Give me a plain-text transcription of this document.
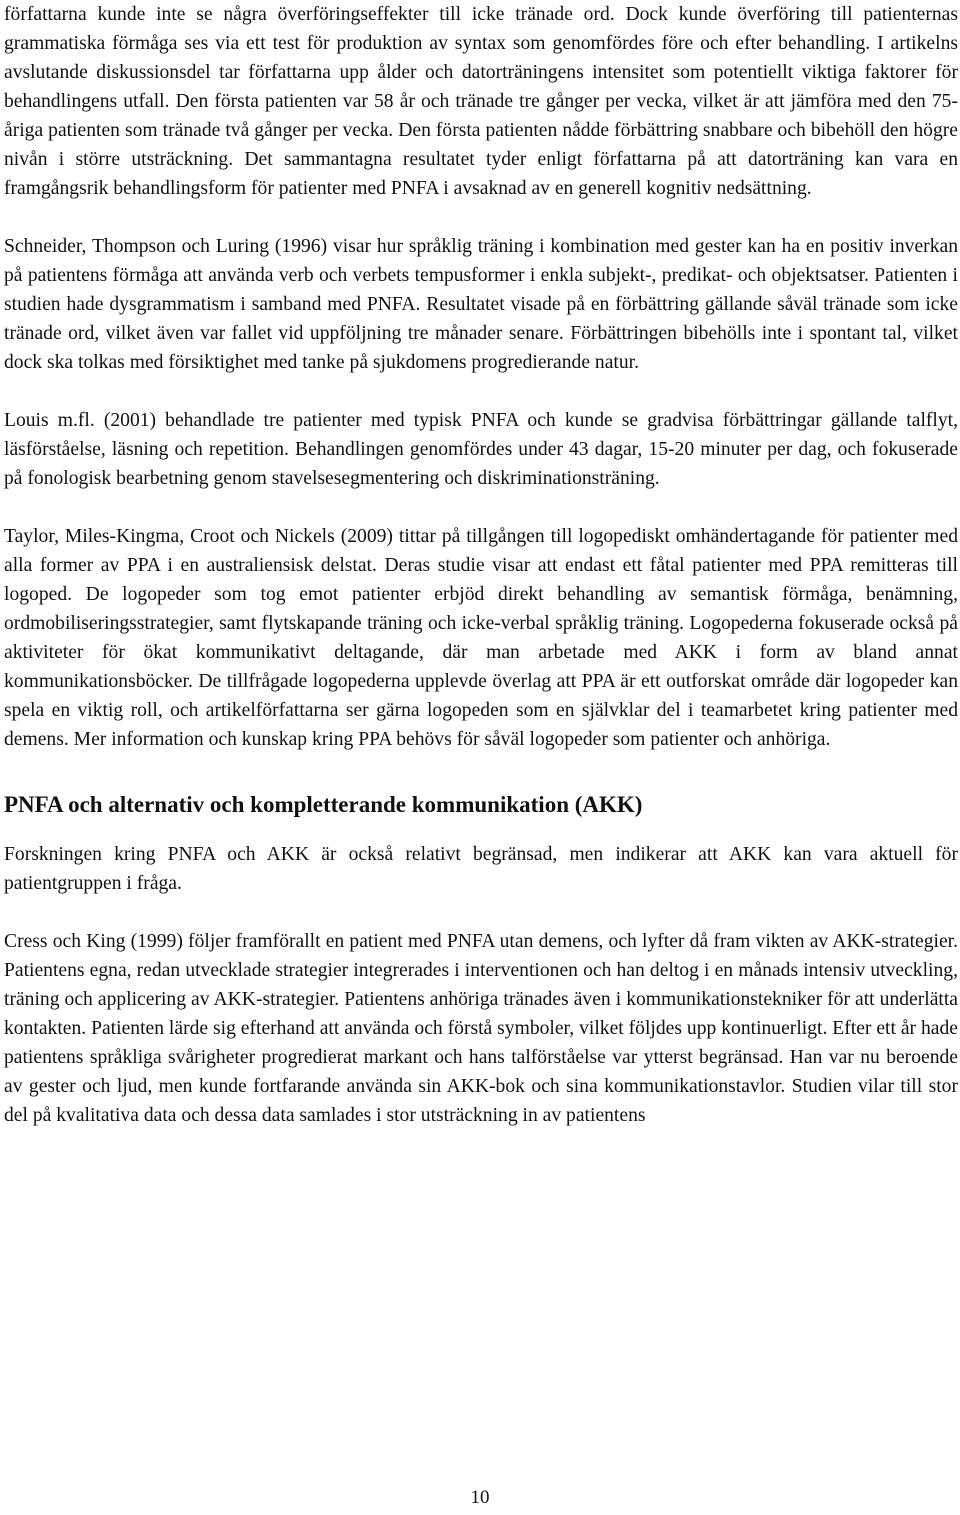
författarna kunde inte se några överföringseffekter till icke tränade ord. Dock kunde överföring till patienternas grammatiska förmåga ses via ett test för produktion av syntax som genomfördes före och efter behandling. I artikelns avslutande diskussionsdel tar författarna upp ålder och datorträningens intensitet som potentiellt viktiga faktorer för behandlingens utfall. Den första patienten var 58 år och tränade tre gånger per vecka, vilket är att jämföra med den 75-åriga patienten som tränade två gånger per vecka. Den första patienten nådde förbättring snabbare och bibehöll den högre nivån i större utsträckning. Det sammantagna resultatet tyder enligt författarna på att datorträning kan vara en framgångsrik behandlingsform för patienter med PNFA i avsaknad av en generell kognitiv nedsättning.

Schneider, Thompson och Luring (1996) visar hur språklig träning i kombination med gester kan ha en positiv inverkan på patientens förmåga att använda verb och verbets tempusformer i enkla subjekt-, predikat- och objektsatser. Patienten i studien hade dysgrammatism i samband med PNFA. Resultatet visade på en förbättring gällande såväl tränade som icke tränade ord, vilket även var fallet vid uppföljning tre månader senare. Förbättringen bibehölls inte i spontant tal, vilket dock ska tolkas med försiktighet med tanke på sjukdomens progredierande natur.

Louis m.fl. (2001) behandlade tre patienter med typisk PNFA och kunde se gradvisa förbättringar gällande talflyt, läsförståelse, läsning och repetition. Behandlingen genomfördes under 43 dagar, 15-20 minuter per dag, och fokuserade på fonologisk bearbetning genom stavelsesegmentering och diskriminationsträning.

Taylor, Miles-Kingma, Croot och Nickels (2009) tittar på tillgången till logopediskt omhändertagande för patienter med alla former av PPA i en australiensisk delstat. Deras studie visar att endast ett fåtal patienter med PPA remitteras till logoped. De logopeder som tog emot patienter erbjöd direkt behandling av semantisk förmåga, benämning, ordmobiliseringsstrategier, samt flytskapande träning och icke-verbal språklig träning. Logopederna fokuserade också på aktiviteter för ökat kommunikativt deltagande, där man arbetade med AKK i form av bland annat kommunikationsböcker. De tillfrågade logopederna upplevde överlag att PPA är ett outforskat område där logopeder kan spela en viktig roll, och artikelförfattarna ser gärna logopeden som en självklar del i teamarbetet kring patienter med demens. Mer information och kunskap kring PPA behövs för såväl logopeder som patienter och anhöriga.

PNFA och alternativ och kompletterande kommunikation (AKK)

Forskningen kring PNFA och AKK är också relativt begränsad, men indikerar att AKK kan vara aktuell för patientgruppen i fråga.

Cress och King (1999) följer framförallt en patient med PNFA utan demens, och lyfter då fram vikten av AKK-strategier. Patientens egna, redan utvecklade strategier integrerades i interventionen och han deltog i en månads intensiv utveckling, träning och applicering av AKK-strategier. Patientens anhöriga tränades även i kommunikationstekniker för att underlätta kontakten. Patienten lärde sig efterhand att använda och förstå symboler, vilket följdes upp kontinuerligt. Efter ett år hade patientens språkliga svårigheter progredierat markant och hans talförståelse var ytterst begränsad. Han var nu beroende av gester och ljud, men kunde fortfarande använda sin AKK-bok och sina kommunikationstavlor. Studien vilar till stor del på kvalitativa data och dessa data samlades i stor utsträckning in av patientens

10
